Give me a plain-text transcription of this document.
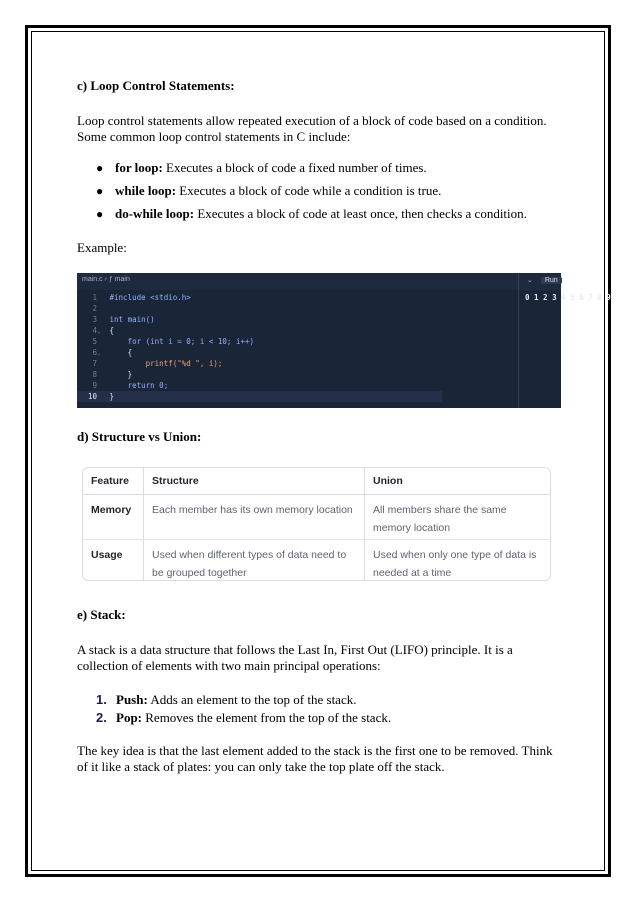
c) Loop Control Statements:
Loop control statements allow repeated execution of a block of code based on a condition. Some common loop control statements in C include:
● for loop: Executes a block of code a fixed number of times.
● while loop: Executes a block of code while a condition is true.
● do-while loop: Executes a block of code at least once, then checks a condition.
Example:
main.c › ƒ main	⌄ Run
1 #include <stdio.h>
2
3 int main()
4⌄ {
5      for (int i = 0; i < 10; i++)
6⌄     {
7          printf("%d ", i);
8      }
9      return 0;
10 }
0 1 2 3 4 5 6 7 8 9
d) Structure vs Union:
Feature	Structure	Union
Memory	Each member has its own memory location	All members share the same memory location
Usage	Used when different types of data need to be grouped together	Used when only one type of data is needed at a time
e) Stack:
A stack is a data structure that follows the Last In, First Out (LIFO) principle. It is a collection of elements with two main principal operations:
1. Push: Adds an element to the top of the stack.
2. Pop: Removes the element from the top of the stack.
The key idea is that the last element added to the stack is the first one to be removed. Think of it like a stack of plates: you can only take the top plate off the stack.
